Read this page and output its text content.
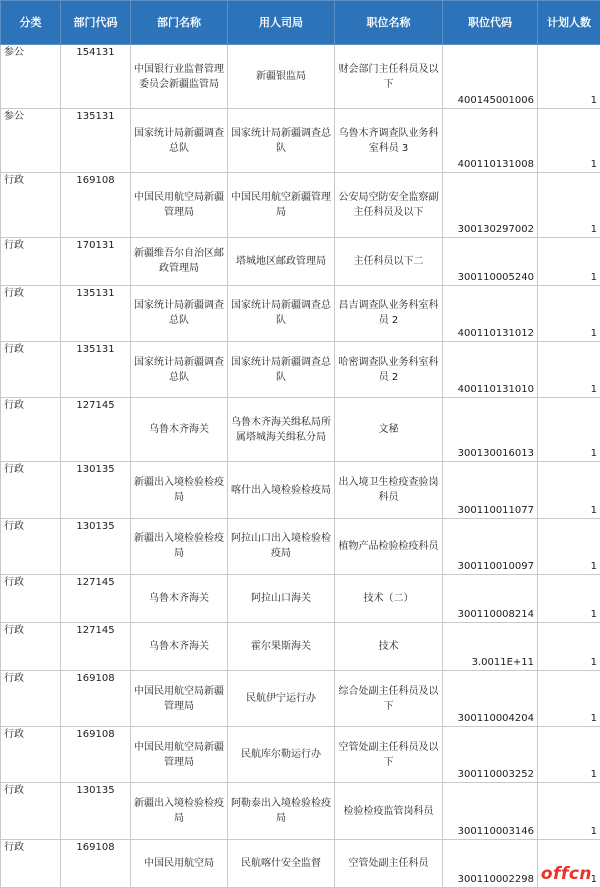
分类	部门代码	部门名称	用人司局	职位名称	职位代码	计划人数
参公	154131	中国银行业监督管理委员会新疆监管局	新疆银监局	财会部门主任科员及以下	400145001006	1
参公	135131	国家统计局新疆调查总队	国家统计局新疆调查总队	乌鲁木齐调查队业务科室科员 3	400110131008	1
行政	169108	中国民用航空局新疆管理局	中国民用航空新疆管理局	公安局空防安全监察副主任科员及以下	300130297002	1
行政	170131	新疆维吾尔自治区邮政管理局	塔城地区邮政管理局	主任科员以下二	300110005240	1
行政	135131	国家统计局新疆调查总队	国家统计局新疆调查总队	昌吉调查队业务科室科员 2	400110131012	1
行政	135131	国家统计局新疆调查总队	国家统计局新疆调查总队	哈密调查队业务科室科员 2	400110131010	1
行政	127145	乌鲁木齐海关	乌鲁木齐海关缉私局所属塔城海关缉私分局	文秘	300130016013	1
行政	130135	新疆出入境检验检疫局	喀什出入境检验检疫局	出入境卫生检疫查验岗科员	300110011077	1
行政	130135	新疆出入境检验检疫局	阿拉山口出入境检验检疫局	植物产品检验检疫科员	300110010097	1
行政	127145	乌鲁木齐海关	阿拉山口海关	技术（二）	300110008214	1
行政	127145	乌鲁木齐海关	霍尔果斯海关	技术	3.0011E+11	1
行政	169108	中国民用航空局新疆管理局	民航伊宁运行办	综合处副主任科员及以下	300110004204	1
行政	169108	中国民用航空局新疆管理局	民航库尔勒运行办	空管处副主任科员及以下	300110003252	1
行政	130135	新疆出入境检验检疫局	阿勒泰出入境检验检疫局	检验检疫监管岗科员	300110003146	1
行政	169108	中国民用航空局	民航喀什安全监督	空管处副主任科员	300110002298	1
offcn
